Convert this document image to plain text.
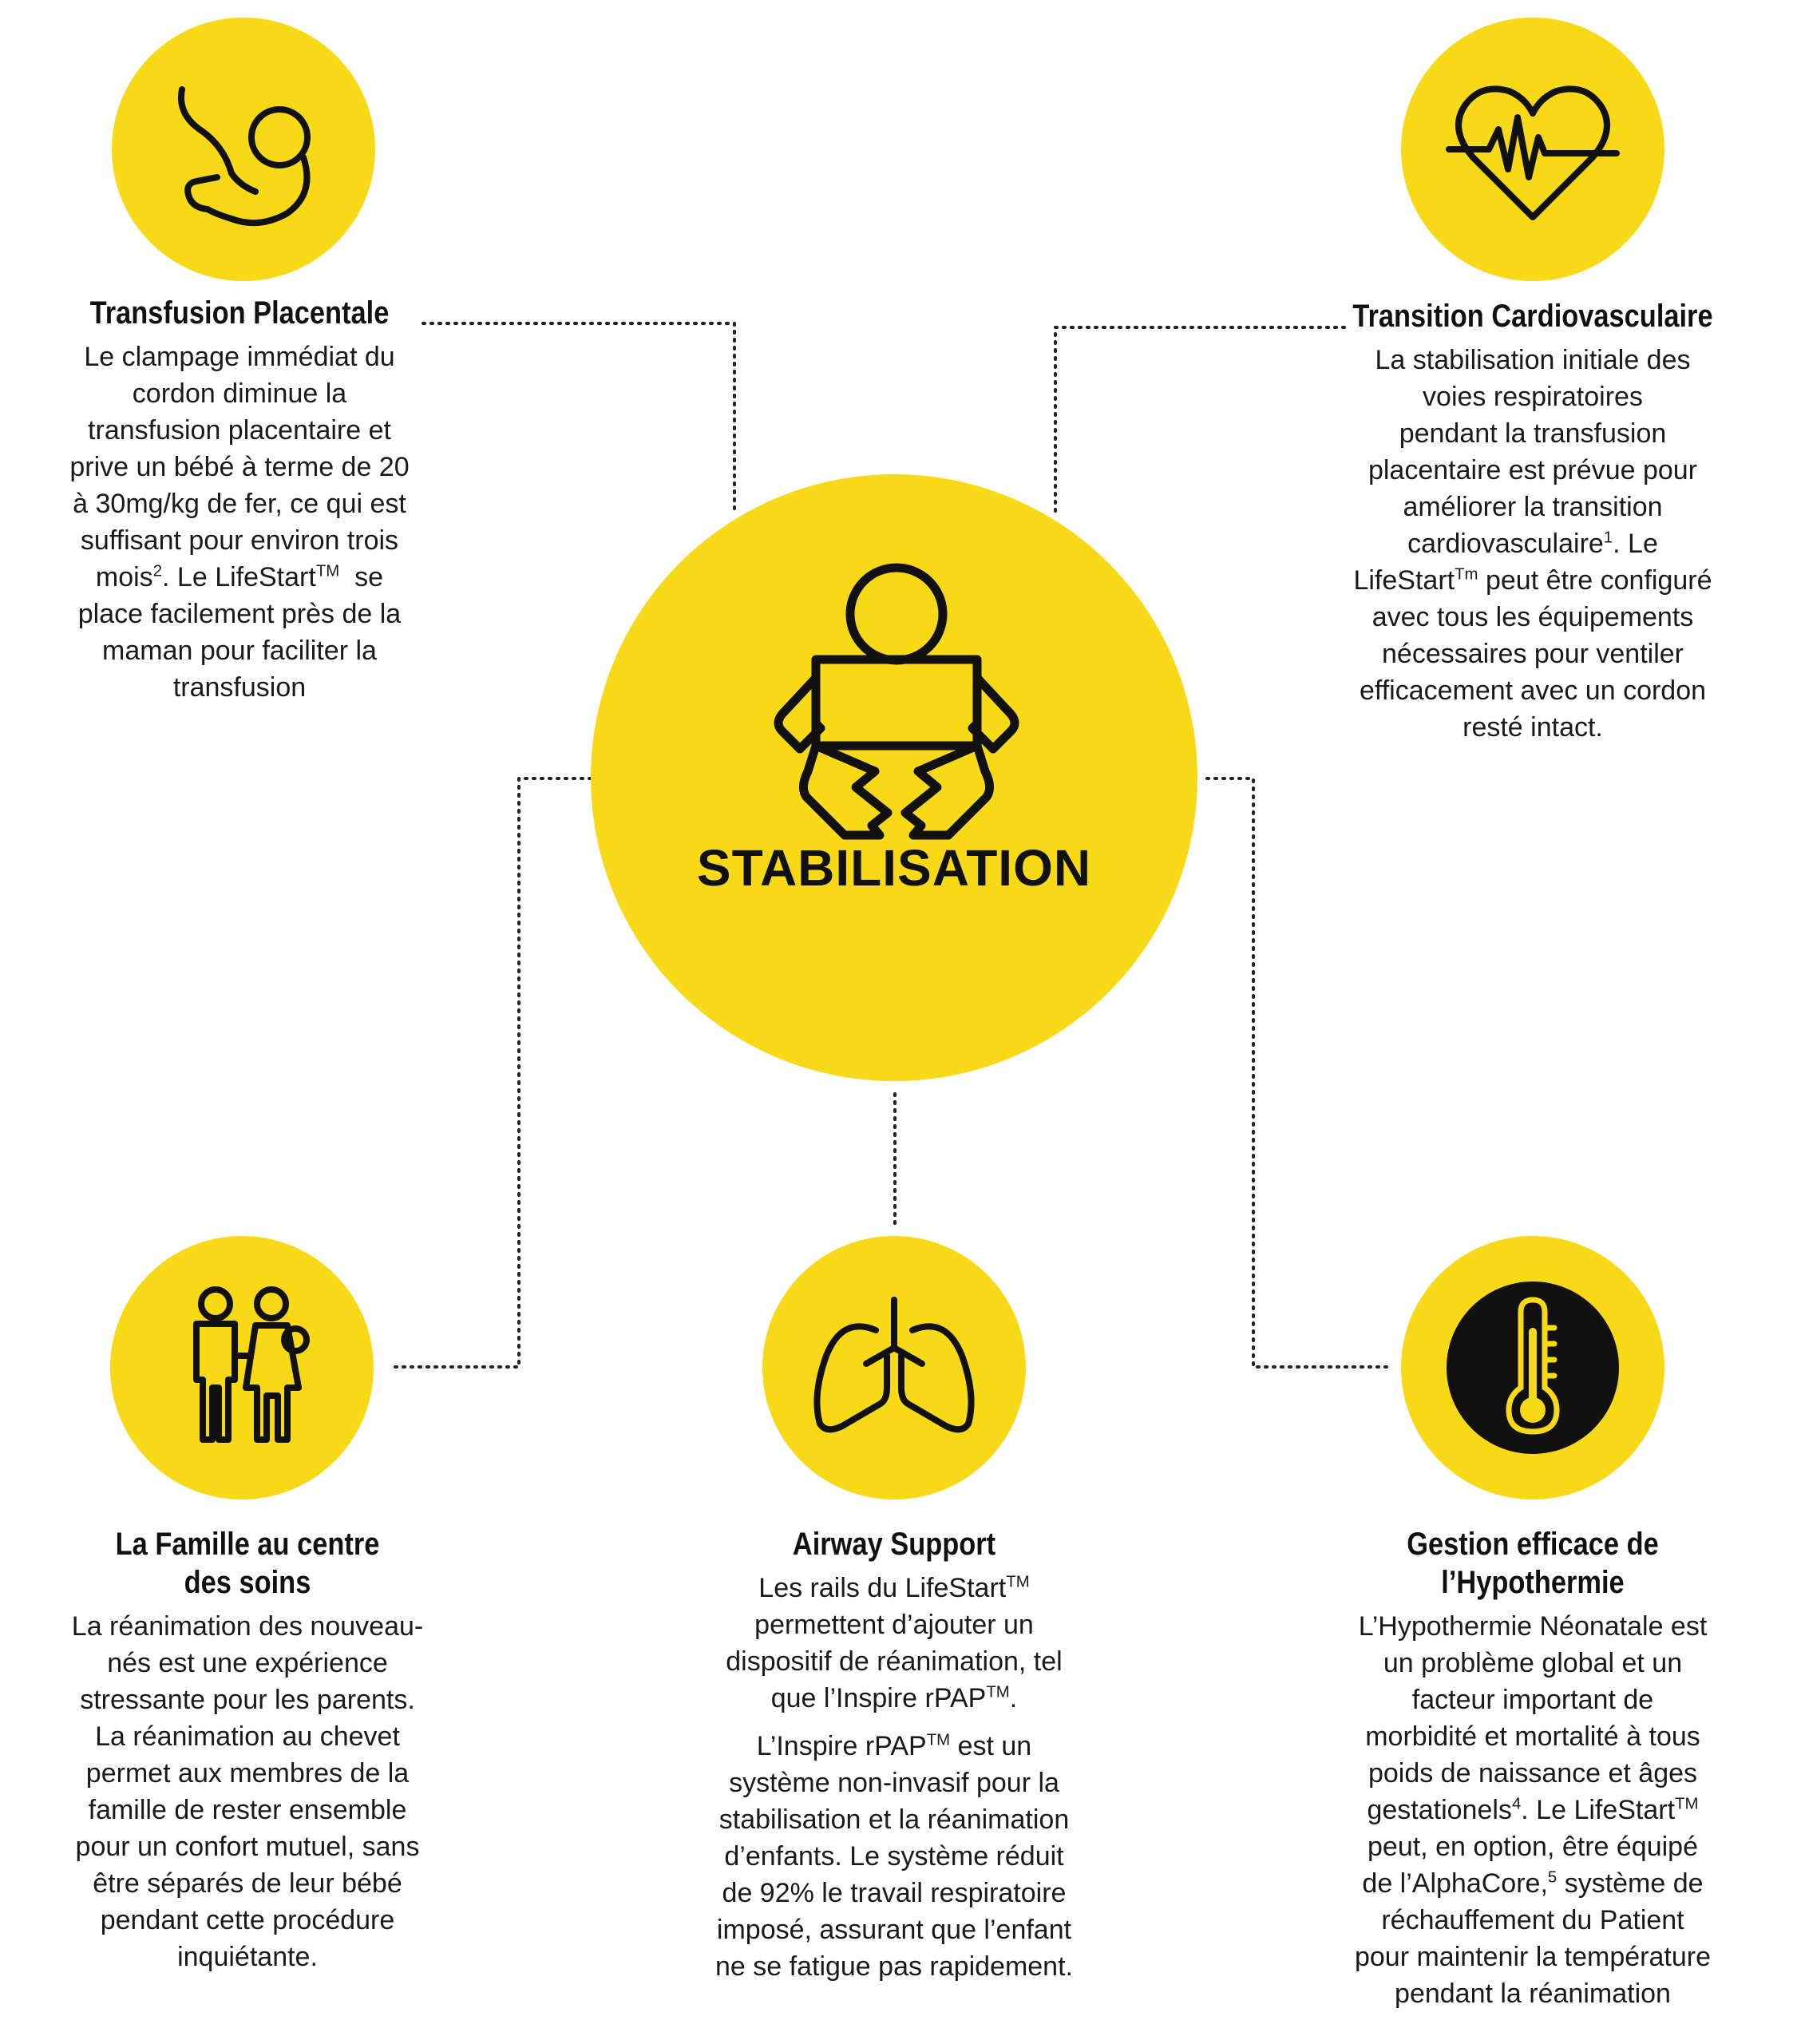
STABILISATION
Transfusion Placentale
Le clampage immédiat du
cordon diminue la
transfusion placentaire et
prive un bébé à terme de 20
à 30mg/kg de fer, ce qui est
suffisant pour environ trois
mois$^2$. Le LifeStart™ se
place facilement près de la
maman pour faciliter la
transfusion
Transition Cardiovasculaire
La stabilisation initiale des
voies respiratoires
pendant la transfusion
placentaire est prévue pour
améliorer la transition
cardiovasculaire$^1$. Le
LifeStart$^{Tm}$ peut être configuré
avec tous les équipements
nécessaires pour ventiler
efficacement avec un cordon
resté intact.
La Famille au centre
des soins
La réanimation des nouveau-
nés est une expérience
stressante pour les parents.
La réanimation au chevet
permet aux membres de la
famille de rester ensemble
pour un confort mutuel, sans
être séparés de leur bébé
pendant cette procédure
inquiétante.
Airway Support

Les rails du LifeStart™
permettent d’ajouter un
dispositif de réanimation, tel
que l’Inspire rPAP™.

L’Inspire rPAP™ est un
système non-invasif pour la
stabilisation et la réanimation
d’enfants. Le système réduit
de 92% le travail respiratoire
imposé, assurant que l’enfant
ne se fatigue pas rapidement.

Gestion efficace de
l’Hypothermie
L’Hypothermie Néonatale est
un problème global et un
facteur important de
morbidité et mortalité à tous
poids de naissance et âges
gestationels$^4$. Le LifeStart™
peut, en option, être équipé
de l’AlphaCore,$^5$ système de
réchauffement du Patient
pour maintenir la température
pendant la réanimation
